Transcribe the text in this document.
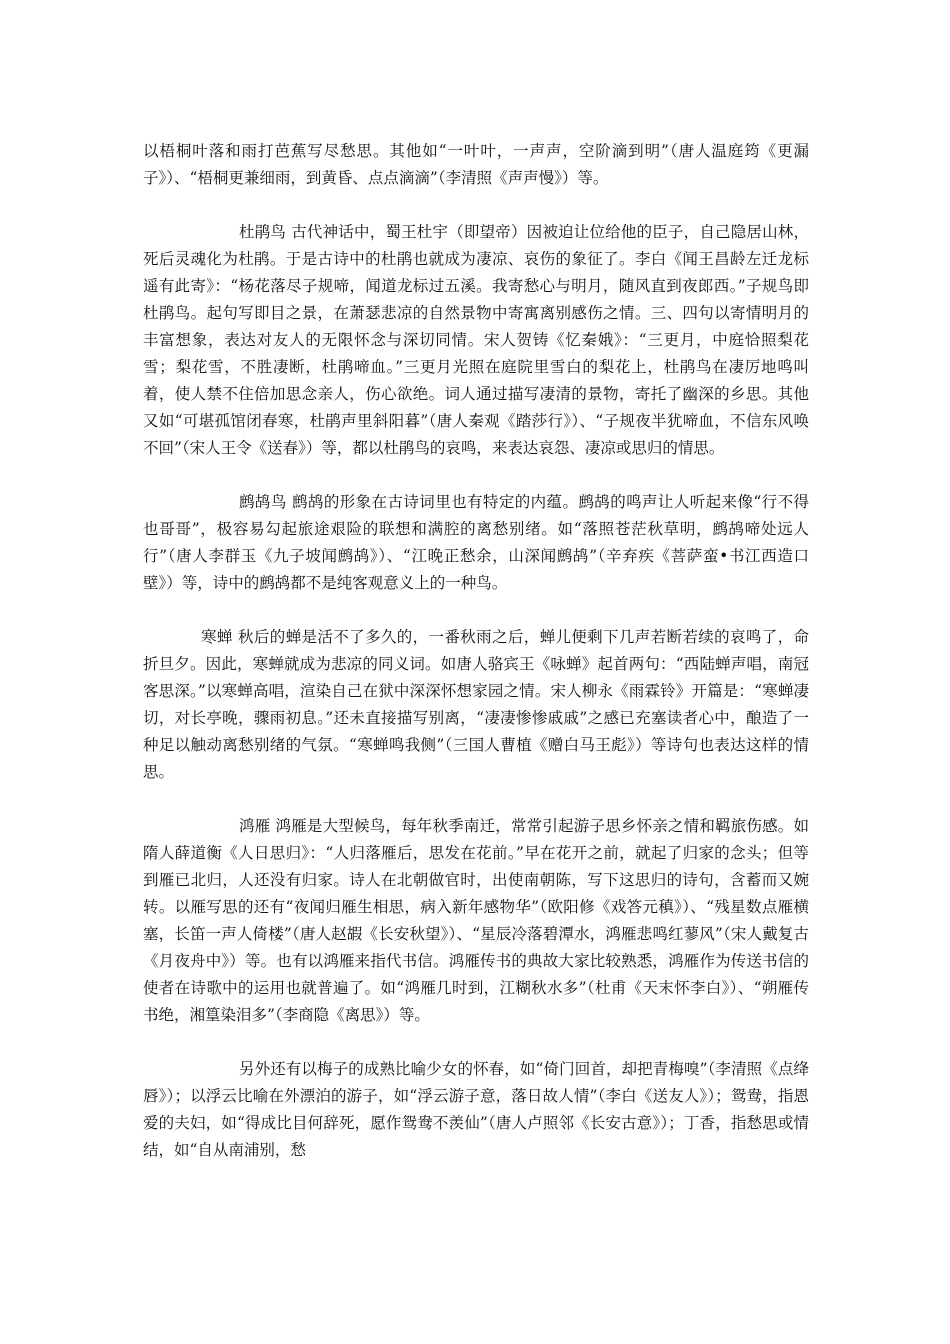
以梧桐叶落和雨打芭蕉写尽愁思。其他如“一叶叶，一声声，空阶滴到明”（唐人温庭筠《更漏子》）、“梧桐更兼细雨，到黄昏、点点滴滴”（李清照《声声慢》）等。

杜鹃鸟 古代神话中，蜀王杜宇（即望帝）因被迫让位给他的臣子，自己隐居山林，死后灵魂化为杜鹃。于是古诗中的杜鹃也就成为凄凉、哀伤的象征了。李白《闻王昌龄左迁龙标遥有此寄》：“杨花落尽子规啼，闻道龙标过五溪。我寄愁心与明月，随风直到夜郎西。”子规鸟即杜鹃鸟。起句写即目之景，在萧瑟悲凉的自然景物中寄寓离别感伤之情。三、四句以寄情明月的丰富想象，表达对友人的无限怀念与深切同情。宋人贺铸《忆秦娥》：“三更月，中庭恰照梨花雪；梨花雪，不胜凄断，杜鹃啼血。”三更月光照在庭院里雪白的梨花上，杜鹃鸟在凄厉地鸣叫着，使人禁不住倍加思念亲人，伤心欲绝。词人通过描写凄清的景物，寄托了幽深的乡思。其他又如“可堪孤馆闭春寒，杜鹃声里斜阳暮”（唐人秦观《踏莎行》）、“子规夜半犹啼血，不信东风唤不回”（宋人王令《送春》）等，都以杜鹃鸟的哀鸣，来表达哀怨、凄凉或思归的情思。

鹧鸪鸟 鹧鸪的形象在古诗词里也有特定的内蕴。鹧鸪的鸣声让人听起来像“行不得也哥哥”，极容易勾起旅途艰险的联想和满腔的离愁别绪。如“落照苍茫秋草明，鹧鸪啼处远人行”（唐人李群玉《九子坡闻鹧鸪》）、“江晚正愁余，山深闻鹧鸪”（辛弃疾《菩萨蛮•书江西造口壁》）等，诗中的鹧鸪都不是纯客观意义上的一种鸟。

寒蝉 秋后的蝉是活不了多久的，一番秋雨之后，蝉儿便剩下几声若断若续的哀鸣了，命折旦夕。因此，寒蝉就成为悲凉的同义词。如唐人骆宾王《咏蝉》起首两句：“西陆蝉声唱，南冠客思深。”以寒蝉高唱，渲染自己在狱中深深怀想家园之情。宋人柳永《雨霖铃》开篇是：“寒蝉凄切，对长亭晚，骤雨初息。”还未直接描写别离，“凄凄惨惨戚戚”之感已充塞读者心中，酿造了一种足以触动离愁别绪的气氛。“寒蝉鸣我侧”（三国人曹植《赠白马王彪》）等诗句也表达这样的情思。

鸿雁 鸿雁是大型候鸟，每年秋季南迁，常常引起游子思乡怀亲之情和羁旅伤感。如隋人薛道衡《人日思归》：“人归落雁后，思发在花前。”早在花开之前，就起了归家的念头；但等到雁已北归，人还没有归家。诗人在北朝做官时，出使南朝陈，写下这思归的诗句，含蓄而又婉转。以雁写思的还有“夜闻归雁生相思，病入新年感物华”（欧阳修《戏答元稹》）、“残星数点雁横塞，长笛一声人倚楼”（唐人赵嘏《长安秋望》）、“星辰冷落碧潭水，鸿雁悲鸣红蓼风”（宋人戴复古《月夜舟中》）等。也有以鸿雁来指代书信。鸿雁传书的典故大家比较熟悉，鸿雁作为传送书信的使者在诗歌中的运用也就普遍了。如“鸿雁几时到，江糊秋水多”（杜甫《天末怀李白》）、“朔雁传书绝，湘篁染泪多”（李商隐《离思》）等。

另外还有以梅子的成熟比喻少女的怀春，如“倚门回首，却把青梅嗅”（李清照《点绛唇》）；以浮云比喻在外漂泊的游子，如“浮云游子意，落日故人情”（李白《送友人》）；鸳鸯，指恩爱的夫妇，如“得成比目何辞死，愿作鸳鸯不羡仙”（唐人卢照邻《长安古意》）；丁香，指愁思或情结，如“自从南浦别，愁
